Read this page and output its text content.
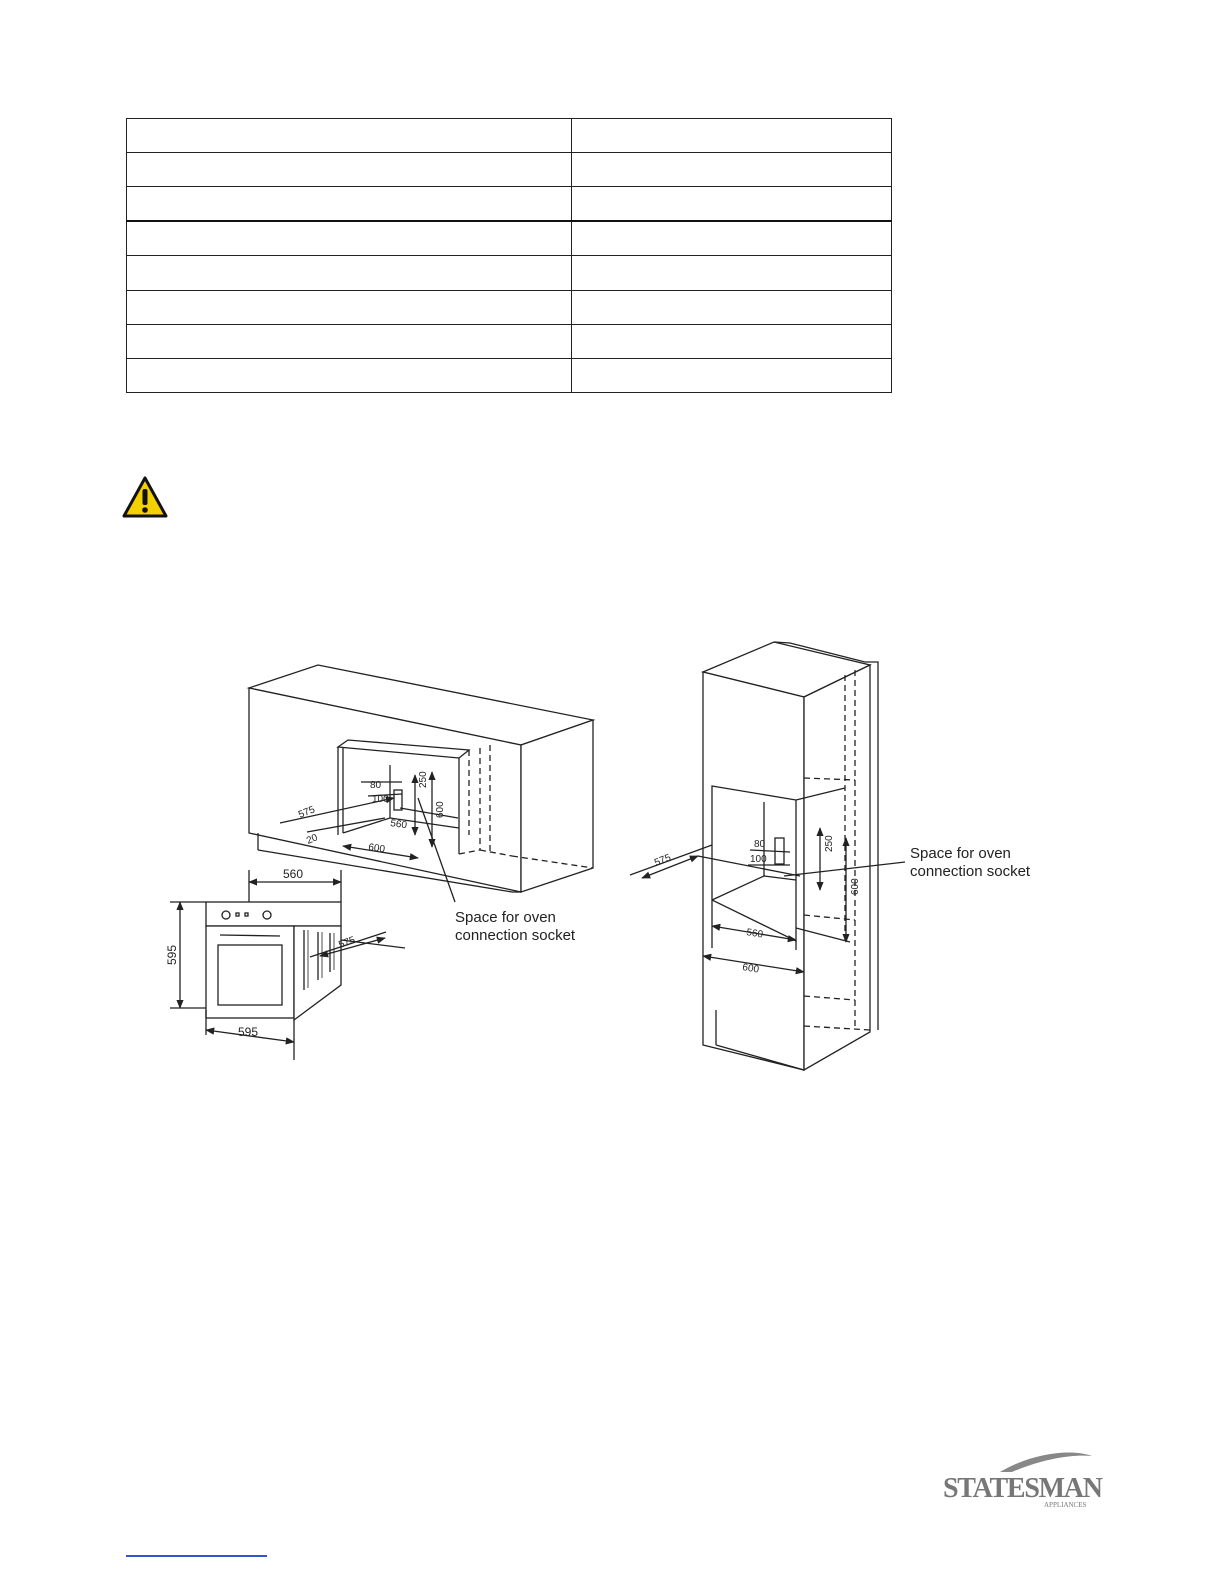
80
100
250
600
575
20
560
600
560
595
595
575
Space for oven connection socket
575
80
100
250
600
560
600
Space for oven connection socket
STATESMAN
APPLIANCES
